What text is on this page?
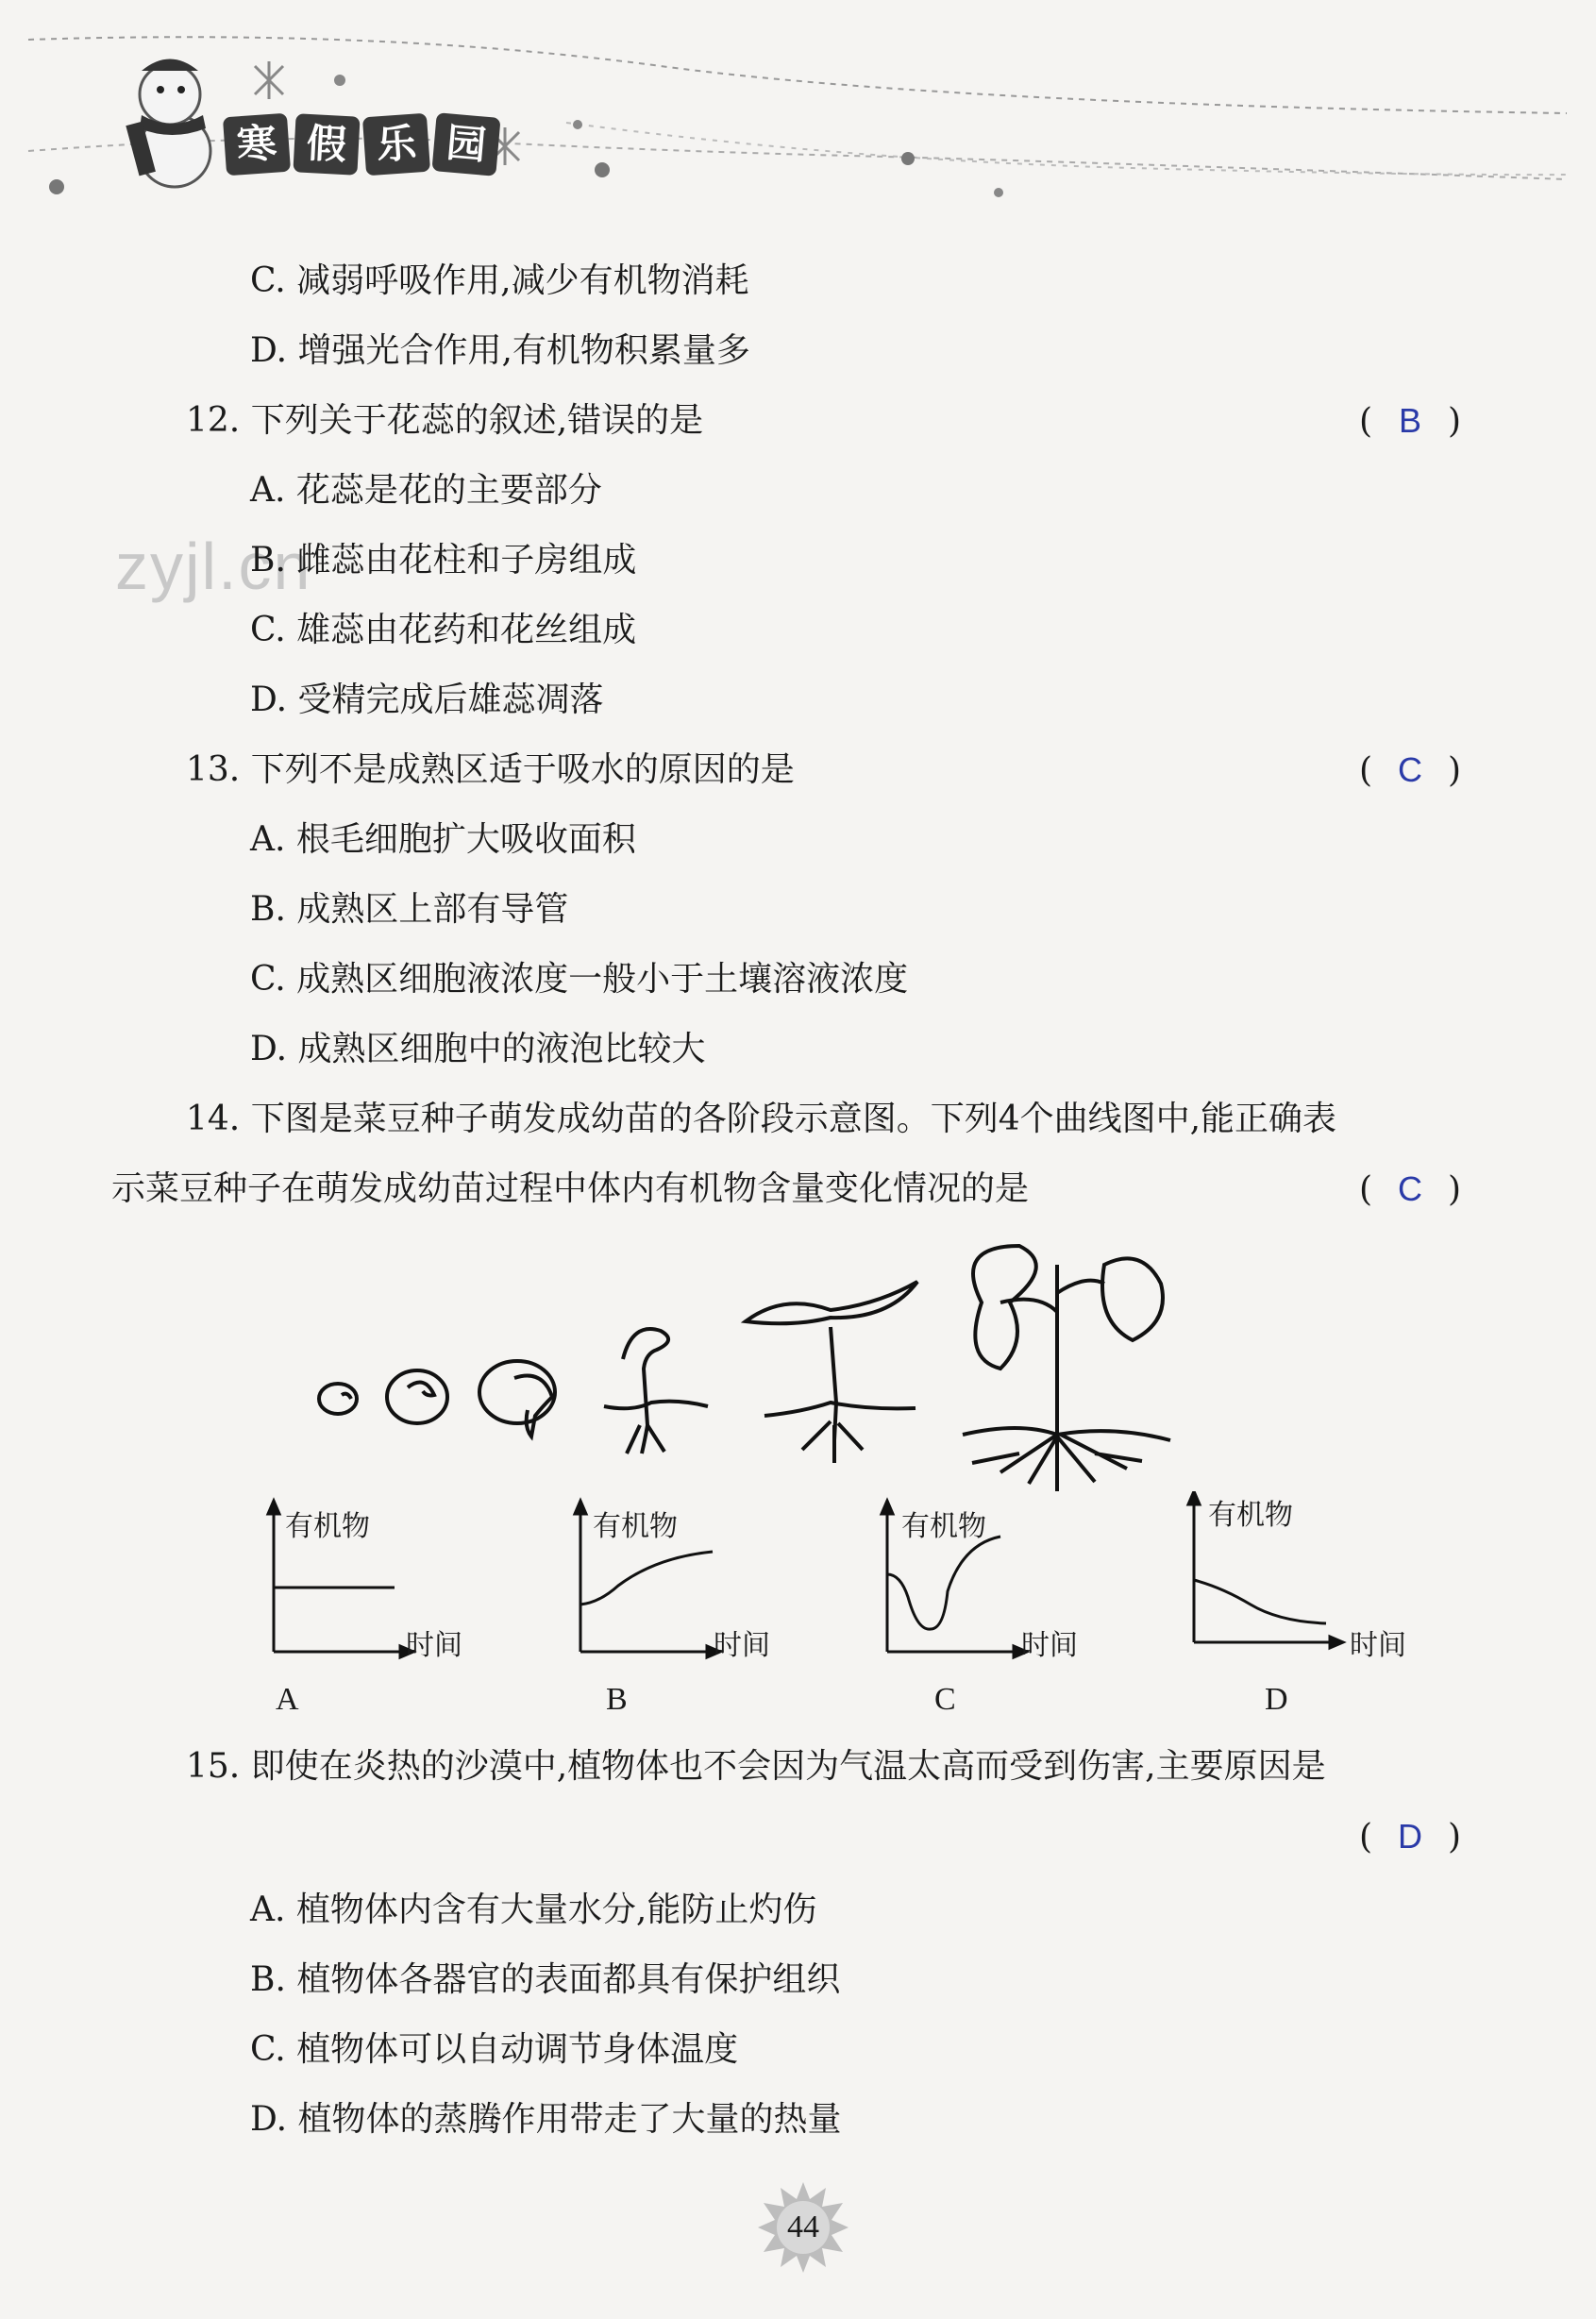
寒 假 乐 园
zyjl.cn
C. 减弱呼吸作用,减少有机物消耗
D. 增强光合作用,有机物积累量多
12. 下列关于花蕊的叙述,错误的是	( B )
A. 花蕊是花的主要部分
B. 雌蕊由花柱和子房组成
C. 雄蕊由花药和花丝组成
D. 受精完成后雄蕊凋落
13. 下列不是成熟区适于吸水的原因的是	( C )
A. 根毛细胞扩大吸收面积
B. 成熟区上部有导管
C. 成熟区细胞液浓度一般小于土壤溶液浓度
D. 成熟区细胞中的液泡比较大
14. 下图是菜豆种子萌发成幼苗的各阶段示意图。下列4个曲线图中,能正确表
示菜豆种子在萌发成幼苗过程中体内有机物含量变化情况的是	( C )
有机物
时间
A
有机物
时间
B
有机物
时间
C
有机物
时间
D
15. 即使在炎热的沙漠中,植物体也不会因为气温太高而受到伤害,主要原因是
( D )
A. 植物体内含有大量水分,能防止灼伤
B. 植物体各器官的表面都具有保护组织
C. 植物体可以自动调节身体温度
D. 植物体的蒸腾作用带走了大量的热量
44
